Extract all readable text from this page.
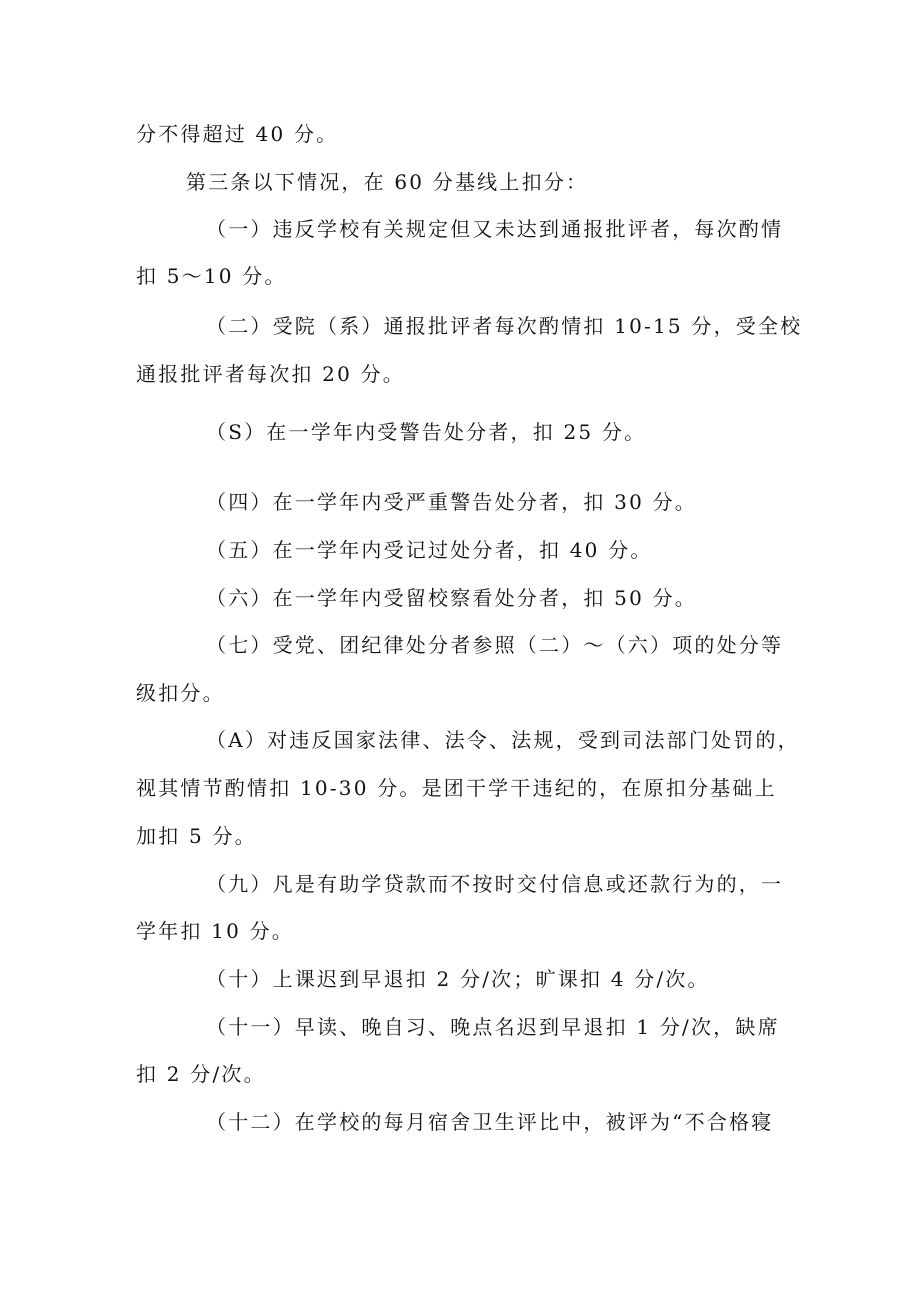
分不得超过 40 分。
第三条以下情况，在 60 分基线上扣分：
（一）违反学校有关规定但又未达到通报批评者，每次酌情
扣 5～10 分。
（二）受院（系）通报批评者每次酌情扣 10-15 分，受全校
通报批评者每次扣 20 分。
（S）在一学年内受警告处分者，扣 25 分。
（四）在一学年内受严重警告处分者，扣 30 分。
（五）在一学年内受记过处分者，扣 40 分。
（六）在一学年内受留校察看处分者，扣 50 分。
（七）受党、团纪律处分者参照（二）～（六）项的处分等
级扣分。
（A）对违反国家法律、法令、法规，受到司法部门处罚的，
视其情节酌情扣 10-30 分。是团干学干违纪的，在原扣分基础上
加扣 5 分。
（九）凡是有助学贷款而不按时交付信息或还款行为的，一
学年扣 10 分。
（十）上课迟到早退扣 2 分/次；旷课扣 4 分/次。
（十一）早读、晚自习、晚点名迟到早退扣 1 分/次，缺席
扣 2 分/次。
（十二）在学校的每月宿舍卫生评比中，被评为“不合格寝
